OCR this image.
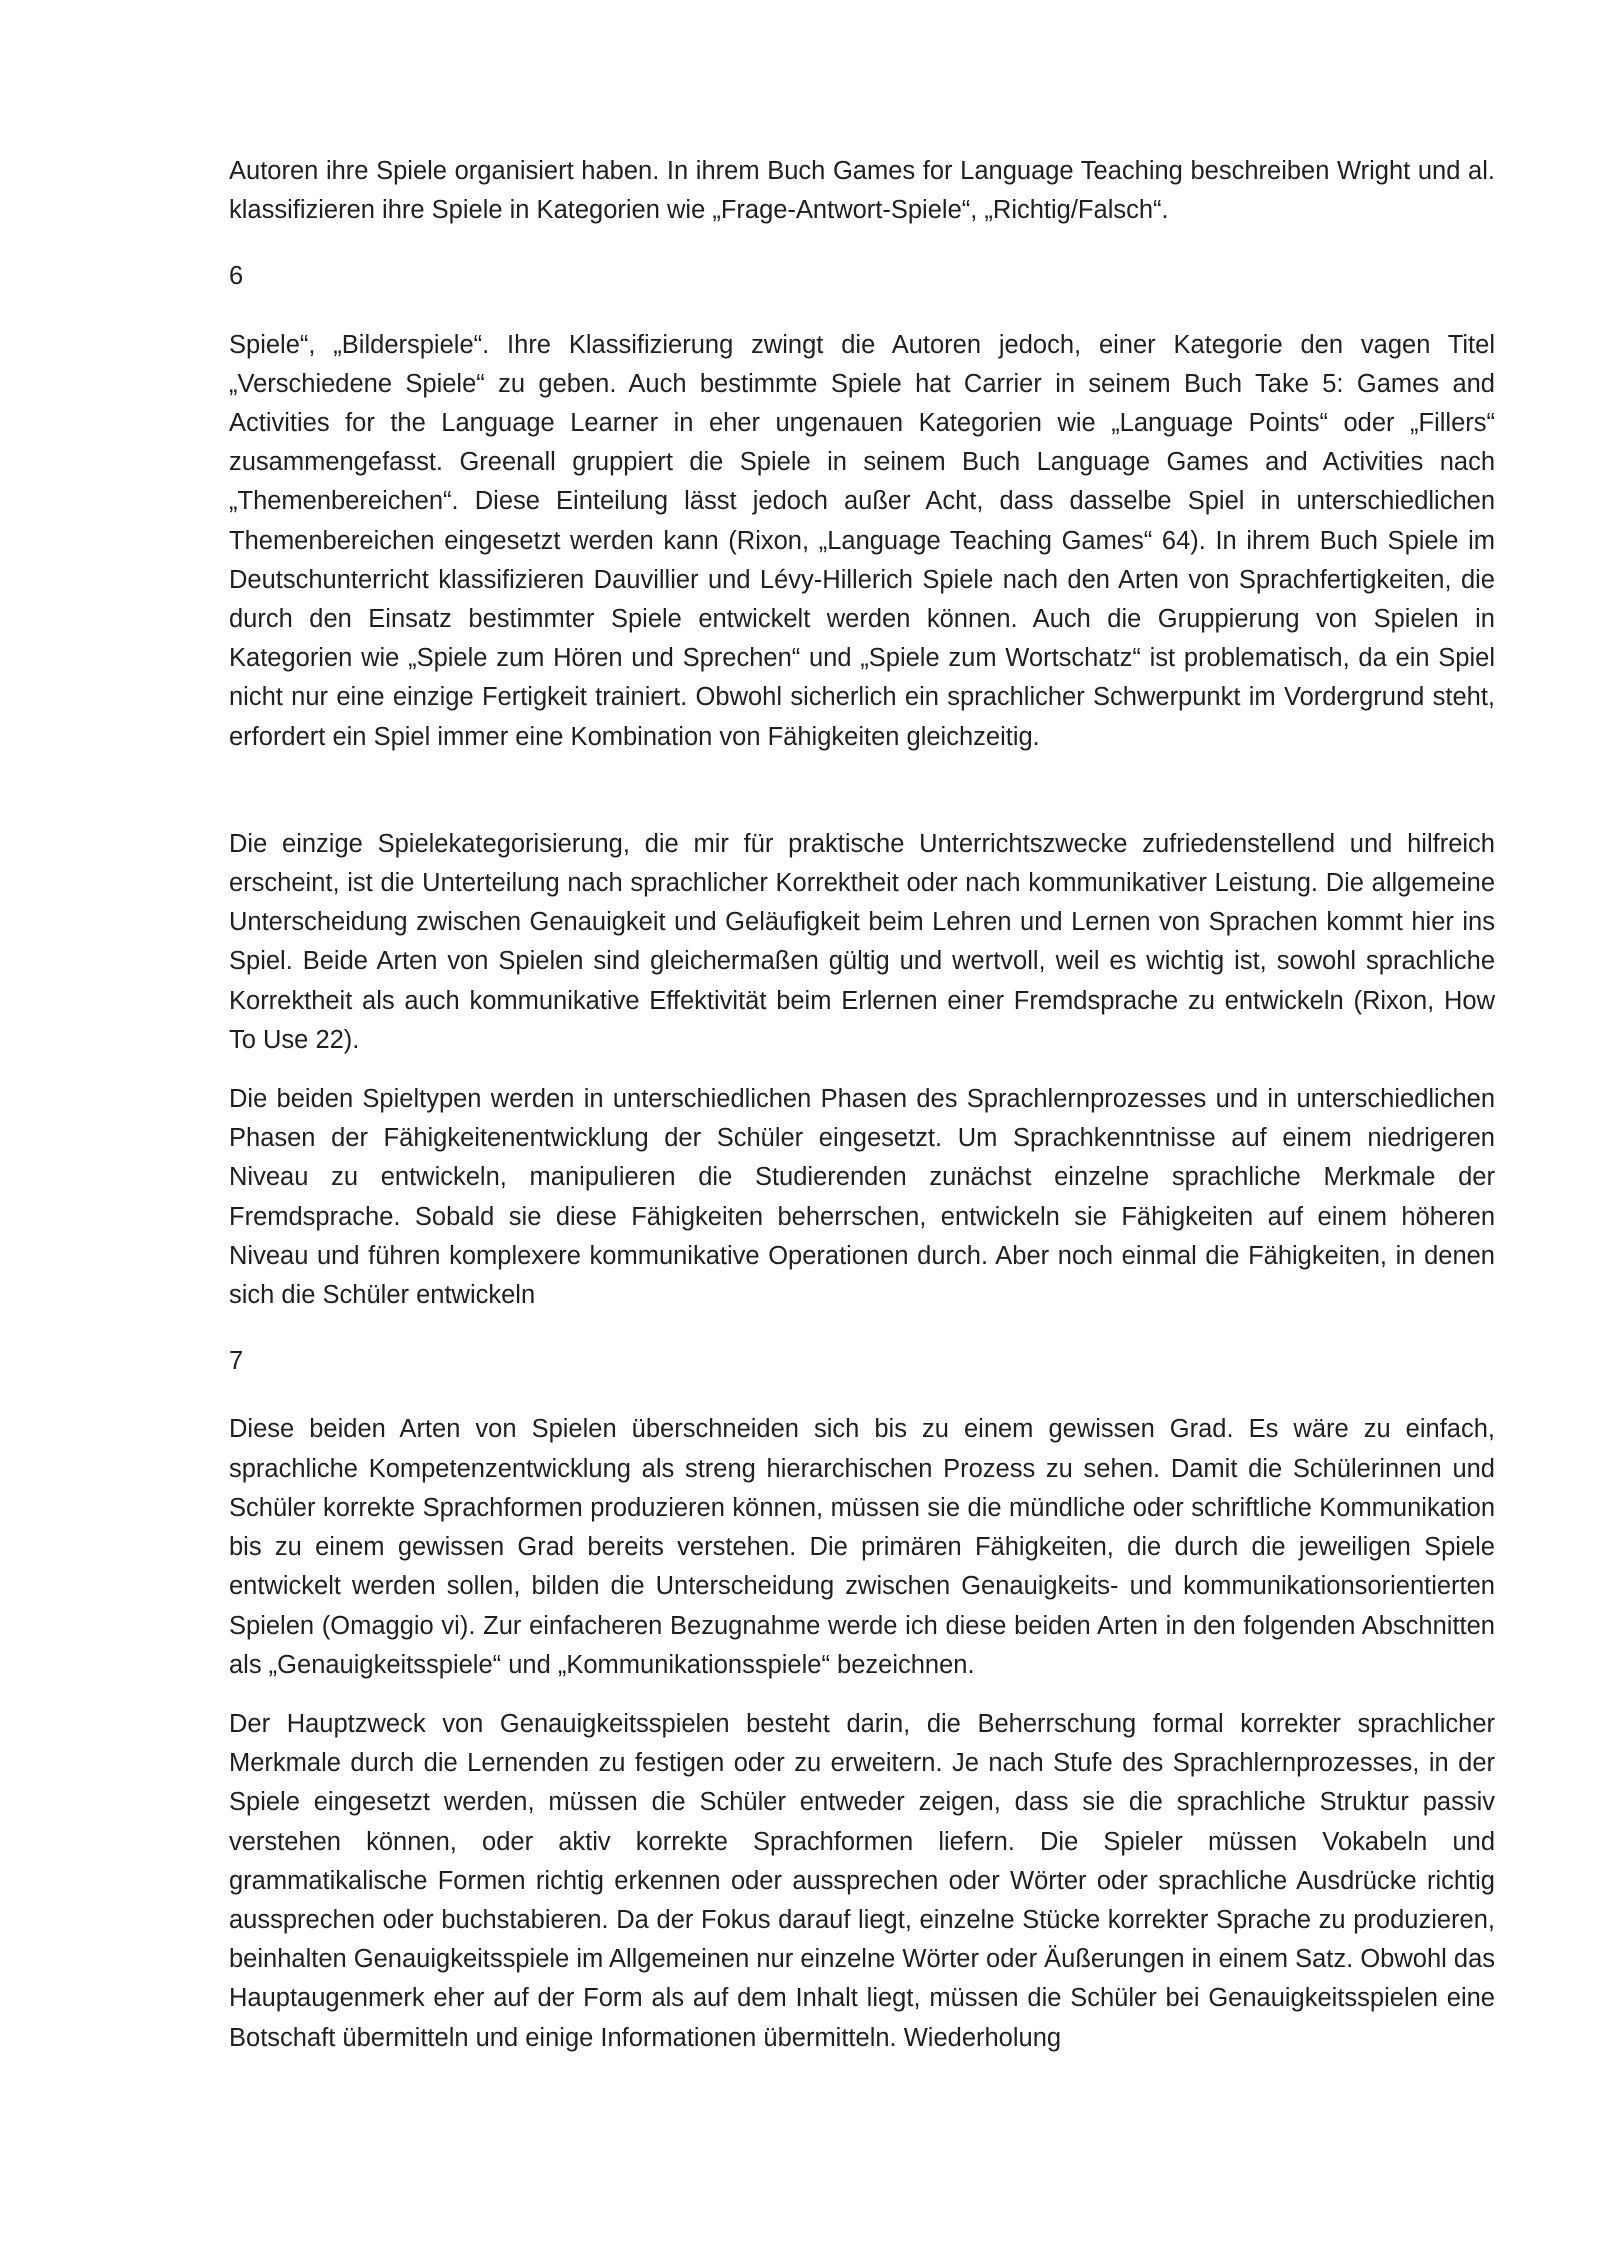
Autoren ihre Spiele organisiert haben. In ihrem Buch Games for Language Teaching beschreiben Wright und al. klassifizieren ihre Spiele in Kategorien wie „Frage-Antwort-Spiele“, „Richtig/Falsch“.

6

Spiele“, „Bilderspiele“. Ihre Klassifizierung zwingt die Autoren jedoch, einer Kategorie den vagen Titel „Verschiedene Spiele“ zu geben. Auch bestimmte Spiele hat Carrier in seinem Buch Take 5: Games and Activities for the Language Learner in eher ungenauen Kategorien wie „Language Points“ oder „Fillers“ zusammengefasst. Greenall gruppiert die Spiele in seinem Buch Language Games and Activities nach „Themenbereichen“. Diese Einteilung lässt jedoch außer Acht, dass dasselbe Spiel in unterschiedlichen Themenbereichen eingesetzt werden kann (Rixon, „Language Teaching Games“ 64). In ihrem Buch Spiele im Deutschunterricht klassifizieren Dauvillier und Lévy-Hillerich Spiele nach den Arten von Sprachfertigkeiten, die durch den Einsatz bestimmter Spiele entwickelt werden können. Auch die Gruppierung von Spielen in Kategorien wie „Spiele zum Hören und Sprechen“ und „Spiele zum Wortschatz“ ist problematisch, da ein Spiel nicht nur eine einzige Fertigkeit trainiert. Obwohl sicherlich ein sprachlicher Schwerpunkt im Vordergrund steht, erfordert ein Spiel immer eine Kombination von Fähigkeiten gleichzeitig.

Die einzige Spielekategorisierung, die mir für praktische Unterrichtszwecke zufriedenstellend und hilfreich erscheint, ist die Unterteilung nach sprachlicher Korrektheit oder nach kommunikativer Leistung. Die allgemeine Unterscheidung zwischen Genauigkeit und Geläufigkeit beim Lehren und Lernen von Sprachen kommt hier ins Spiel. Beide Arten von Spielen sind gleichermaßen gültig und wertvoll, weil es wichtig ist, sowohl sprachliche Korrektheit als auch kommunikative Effektivität beim Erlernen einer Fremdsprache zu entwickeln (Rixon, How To Use 22).

Die beiden Spieltypen werden in unterschiedlichen Phasen des Sprachlernprozesses und in unterschiedlichen Phasen der Fähigkeitenentwicklung der Schüler eingesetzt. Um Sprachkenntnisse auf einem niedrigeren Niveau zu entwickeln, manipulieren die Studierenden zunächst einzelne sprachliche Merkmale der Fremdsprache. Sobald sie diese Fähigkeiten beherrschen, entwickeln sie Fähigkeiten auf einem höheren Niveau und führen komplexere kommunikative Operationen durch. Aber noch einmal die Fähigkeiten, in denen sich die Schüler entwickeln

7

Diese beiden Arten von Spielen überschneiden sich bis zu einem gewissen Grad. Es wäre zu einfach, sprachliche Kompetenzentwicklung als streng hierarchischen Prozess zu sehen. Damit die Schülerinnen und Schüler korrekte Sprachformen produzieren können, müssen sie die mündliche oder schriftliche Kommunikation bis zu einem gewissen Grad bereits verstehen. Die primären Fähigkeiten, die durch die jeweiligen Spiele entwickelt werden sollen, bilden die Unterscheidung zwischen Genauigkeits- und kommunikationsorientierten Spielen (Omaggio vi). Zur einfacheren Bezugnahme werde ich diese beiden Arten in den folgenden Abschnitten als „Genauigkeitsspiele“ und „Kommunikationsspiele“ bezeichnen.

Der Hauptzweck von Genauigkeitsspielen besteht darin, die Beherrschung formal korrekter sprachlicher Merkmale durch die Lernenden zu festigen oder zu erweitern. Je nach Stufe des Sprachlernprozesses, in der Spiele eingesetzt werden, müssen die Schüler entweder zeigen, dass sie die sprachliche Struktur passiv verstehen können, oder aktiv korrekte Sprachformen liefern. Die Spieler müssen Vokabeln und grammatikalische Formen richtig erkennen oder aussprechen oder Wörter oder sprachliche Ausdrücke richtig aussprechen oder buchstabieren. Da der Fokus darauf liegt, einzelne Stücke korrekter Sprache zu produzieren, beinhalten Genauigkeitsspiele im Allgemeinen nur einzelne Wörter oder Äußerungen in einem Satz. Obwohl das Hauptaugenmerk eher auf der Form als auf dem Inhalt liegt, müssen die Schüler bei Genauigkeitsspielen eine Botschaft übermitteln und einige Informationen übermitteln. Wiederholung
